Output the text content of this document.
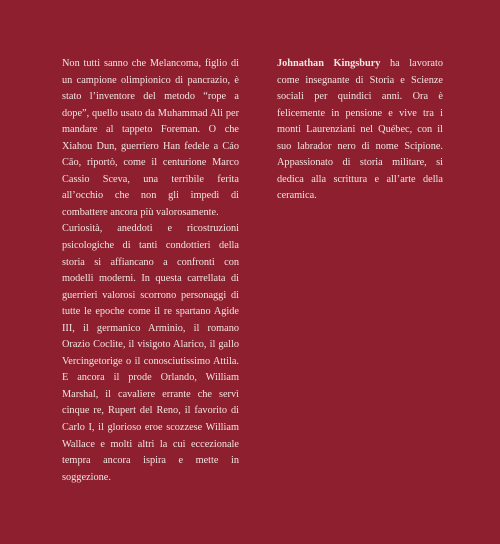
Non tutti sanno che Melancoma, figlio di un campione olimpionico di pancrazio, è stato l’inventore del metodo “rope a dope”, quello usato da Muhammad Ali per mandare al tappeto Foreman. O che Xiahou Dun, guerriero Han fedele a Cáo Cāo, riportò, come il centurione Marco Cassio Sceva, una terribile ferita all’occhio che non gli impedì di combattere ancora più valorosamente.

Curiosità, aneddoti e ricostruzioni psicologiche di tanti condottieri della storia si affiancano a confronti con modelli moderni. In questa carrellata di guerrieri valorosi scorrono personaggi di tutte le epoche come il re spartano Agide III, il germanico Arminio, il romano Orazio Coclite, il visigoto Alarico, il gallo Vercingetorige o il conosciutissimo Attila. E ancora il prode Orlando, William Marshal, il cavaliere errante che servì cinque re, Rupert del Reno, il favorito di Carlo I, il glorioso eroe scozzese William Wallace e molti altri la cui eccezionale tempra ancora ispira e mette in soggezione.

Johnathan Kingsbury ha lavorato come insegnante di Storia e Scienze sociali per quindici anni. Ora è felicemente in pensione e vive tra i monti Laurenziani nel Québec, con il suo labrador nero di nome Scipione. Appassionato di storia militare, si dedica alla scrittura e all’arte della ceramica.
